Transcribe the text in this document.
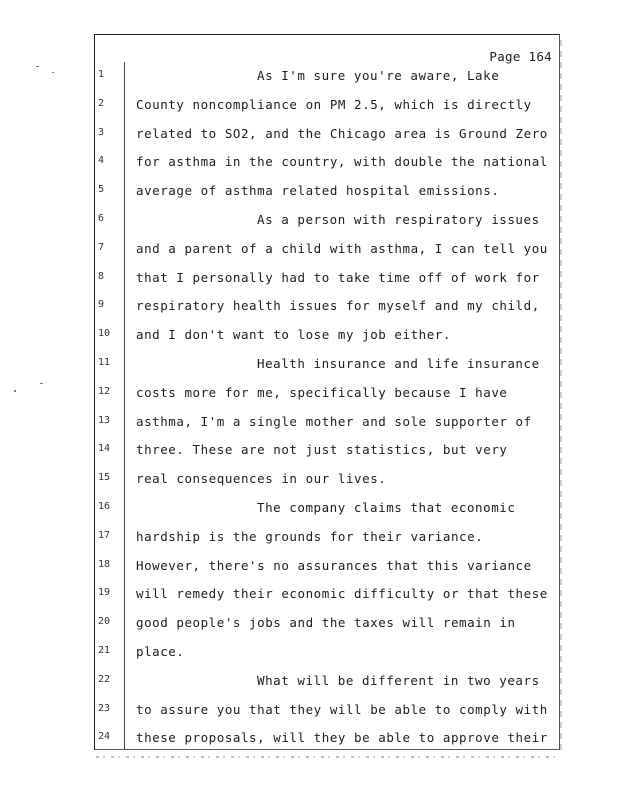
Page 164
1	As I'm sure you're aware, Lake
2	County noncompliance on PM 2.5, which is directly
3	related to SO2, and the Chicago area is Ground Zero
4	for asthma in the country, with double the national
5	average of asthma related hospital emissions.
6	As a person with respiratory issues
7	and a parent of a child with asthma, I can tell you
8	that I personally had to take time off of work for
9	respiratory health issues for myself and my child,
10	and I don't want to lose my job either.
11	Health insurance and life insurance
12	costs more for me, specifically because I have
13	asthma, I'm a single mother and sole supporter of
14	three. These are not just statistics, but very
15	real consequences in our lives.
16	The company claims that economic
17	hardship is the grounds for their variance.
18	However, there's no assurances that this variance
19	will remedy their economic difficulty or that these
20	good people's jobs and the taxes will remain in
21	place.
22	What will be different in two years
23	to assure you that they will be able to comply with
24	these proposals, will they be able to approve their
